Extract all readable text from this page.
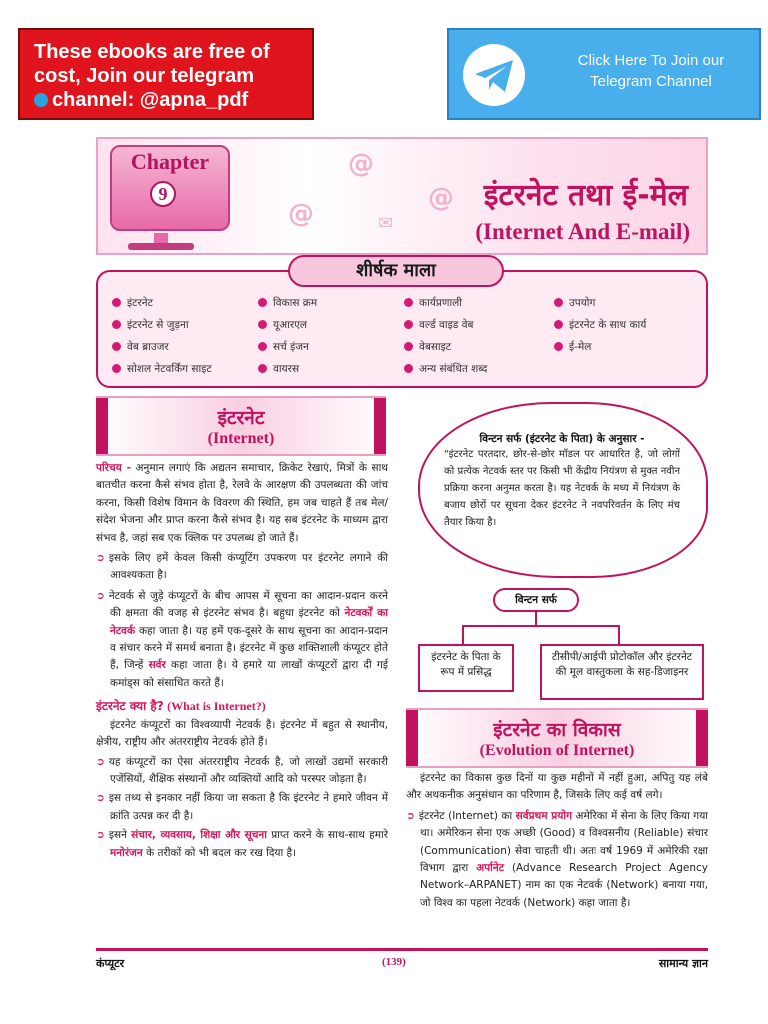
These ebooks are free of
cost, Join our telegram
channel: @apna_pdf
Click Here To Join our
Telegram Channel
@
@
@	✉
Chapter
9	इंटरनेट तथा ई-मेल
(Internet And E-mail)
इंटरनेट	विकास क्रम	कार्यप्रणाली	उपयोग
इंटरनेट से जुड़ना	यूआरएल	वर्ल्ड वाइड वेब	इंटरनेट के साथ कार्य
वेब ब्राउजर	सर्च इंजन	वेबसाइट	ई-मेल
सोशल नेटवर्किंग साइट	वायरस	अन्य संबंधित शब्द
शीर्षक माला
इंटरनेट
(Internet)

परिचय - अनुमान लगाएं कि अद्यतन समाचार, क्रिकेट रेखाएं, मित्रों के साथ बातचीत करना कैसे संभव होता है, रेलवे के आरक्षण की उपलब्धता की जांच करना, किसी विशेष विमान के विवरण की स्थिति, हम जब चाहते हैं तब मेल/संदेश भेजना और प्राप्त करना कैसे संभव है। यह सब इंटरनेट के माध्यम द्वारा संभव है, जहां सब एक क्लिक पर उपलब्ध हो जाते हैं।

➲ इसके लिए हमें केवल किसी कंप्यूटिंग उपकरण पर इंटरनेट लगाने की आवश्यकता है।

➲ नेटवर्क से जुड़े कंप्यूटरों के बीच आपस में सूचना का आदान-प्रदान करने की क्षमता की वजह से इंटरनेट संभव है। बहुधा इंटरनेट को नेटवर्कों का नेटवर्क कहा जाता है। यह हमें एक-दूसरे के साथ सूचना का आदान-प्रदान व संचार करने में समर्थ बनाता है। इंटरनेट में कुछ शक्तिशाली कंप्यूटर होते हैं, जिन्हें सर्वर कहा जाता है। ये हमारे या लाखों कंप्यूटरों द्वारा दी गई कमांड्स को संसाधित करते हैं।

इंटरनेट क्या है? (What is Internet?)

इंटरनेट कंप्यूटरों का विश्वव्यापी नेटवर्क है। इंटरनेट में बहुत से स्थानीय, क्षेत्रीय, राष्ट्रीय और अंतरराष्ट्रीय नेटवर्क होते हैं।

➲ यह कंप्यूटरों का ऐसा अंतरराष्ट्रीय नेटवर्क है, जो लाखों उद्यमों सरकारी एजेंसियों, शैक्षिक संस्थानों और व्यक्तियों आदि को परस्पर जोड़ता है।

➲ इस तथ्य से इनकार नहीं किया जा सकता है कि इंटरनेट ने हमारे जीवन में क्रांति उत्पन्न कर दी है।

➲ इसने संचार, व्यवसाय, शिक्षा और सूचना प्राप्त करने के साथ-साथ हमारे मनोरंजन के तरीकों को भी बदल कर रख दिया है।

विन्टन सर्फ (इंटरनेट के पिता) के अनुसार -
"इंटरनेट परतदार, छोर-से-छोर मॉडल पर आधारित है, जो लोगों को प्रत्येक नेटवर्क स्तर पर किसी भी केंद्रीय नियंत्रण से मुक्त नवीन प्रक्रिया करना अनुमत करता है। यह नेटवर्क के मध्य में नियंत्रण के बजाय छोरों पर सूचना देकर इंटरनेट ने नवपरिवर्तन के लिए मंच तैयार किया है।
विन्टन सर्फ
इंटरनेट के पिता के रूप में प्रसिद्ध
टीसीपी/आईपी प्रोटोकॉल और इंटरनेट की मूल वास्तुकला के सह-डिजाइनर
इंटरनेट का विकास
(Evolution of Internet)

इंटरनेट का विकास कुछ दिनों या कुछ महीनों में नहीं हुआ, अपितु यह लंबे और अथकनीक अनुसंधान का परिणाम है, जिसके लिए कई वर्ष लगे।

➲ इंटरनेट (Internet) का सर्वप्रथम प्रयोग अमेरिका में सेना के लिए किया गया था। अमेरिकन सेना एक अच्छी (Good) व विश्वसनीय (Reliable) संचार (Communication) सेवा चाहती थी। अतः वर्ष 1969 में अमेरिकी रक्षा विभाग द्वारा अर्पानेट (Advance Research Project Agency Network–ARPANET) नाम का एक नेटवर्क (Network) बनाया गया, जो विश्व का पहला नेटवर्क (Network) कहा जाता है।

कंप्यूटर	(139)	सामान्य ज्ञान
